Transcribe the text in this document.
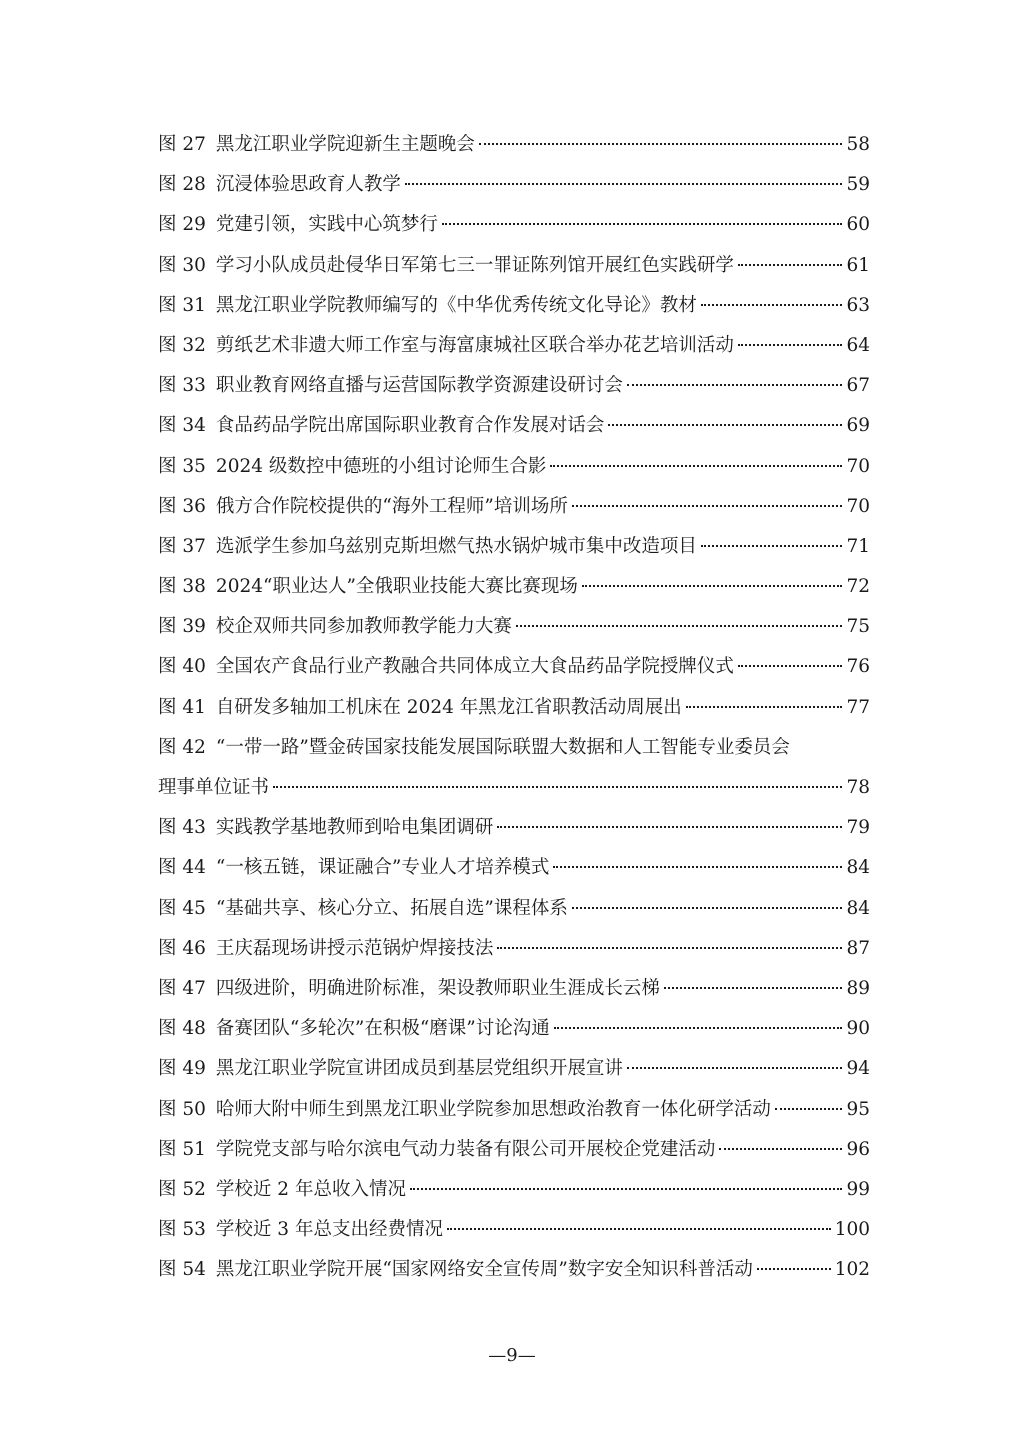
图 27 黑龙江职业学院迎新生主题晚会	58
图 28 沉浸体验思政育人教学	59
图 29 党建引领，实践中心筑梦行	60
图 30 学习小队成员赴侵华日军第七三一罪证陈列馆开展红色实践研学	61
图 31 黑龙江职业学院教师编写的《中华优秀传统文化导论》教材	63
图 32 剪纸艺术非遗大师工作室与海富康城社区联合举办花艺培训活动	64
图 33 职业教育网络直播与运营国际教学资源建设研讨会	67
图 34 食品药品学院出席国际职业教育合作发展对话会	69
图 35 2024 级数控中德班的小组讨论师生合影	70
图 36 俄方合作院校提供的“海外工程师”培训场所	70
图 37 选派学生参加乌兹别克斯坦燃气热水锅炉城市集中改造项目	71
图 38 2024“职业达人”全俄职业技能大赛比赛现场	72
图 39 校企双师共同参加教师教学能力大赛	75
图 40 全国农产食品行业产教融合共同体成立大食品药品学院授牌仪式	76
图 41 自研发多轴加工机床在 2024 年黑龙江省职教活动周展出	77
图 42 “一带一路”暨金砖国家技能发展国际联盟大数据和人工智能专业委员会
理事单位证书	78
图 43 实践教学基地教师到哈电集团调研	79
图 44 “一核五链，课证融合”专业人才培养模式	84
图 45 “基础共享、核心分立、拓展自选”课程体系	84
图 46 王庆磊现场讲授示范锅炉焊接技法	87
图 47 四级进阶，明确进阶标准，架设教师职业生涯成长云梯	89
图 48 备赛团队“多轮次”在积极“磨课”讨论沟通	90
图 49 黑龙江职业学院宣讲团成员到基层党组织开展宣讲	94
图 50 哈师大附中师生到黑龙江职业学院参加思想政治教育一体化研学活动	95
图 51 学院党支部与哈尔滨电气动力装备有限公司开展校企党建活动	96
图 52 学校近 2 年总收入情况	99
图 53 学校近 3 年总支出经费情况	100
图 54 黑龙江职业学院开展“国家网络安全宣传周”数字安全知识科普活动	102
—9—
